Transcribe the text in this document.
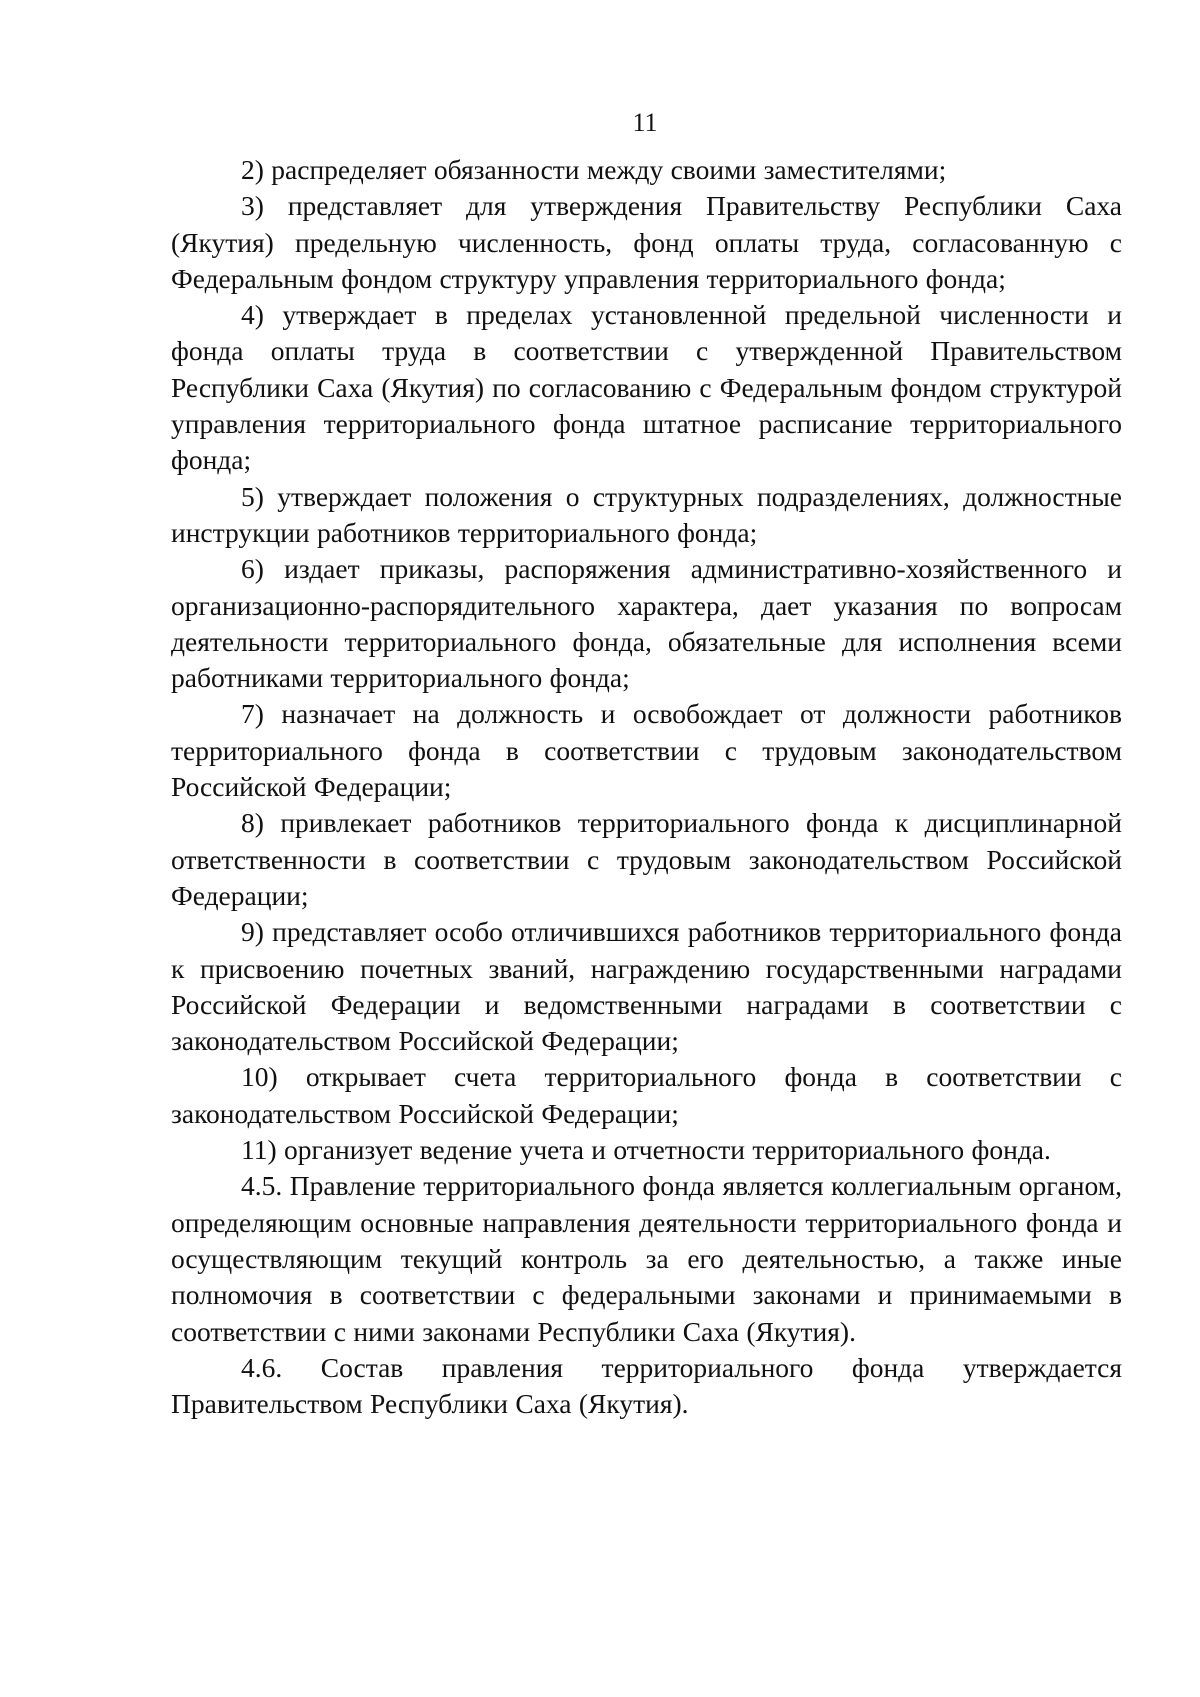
11

2) распределяет обязанности между своими заместителями;

3) представляет для утверждения Правительству Республики Саха (Якутия) предельную численность, фонд оплаты труда, согласованную с Федеральным фондом структуру управления территориального фонда;

4) утверждает в пределах установленной предельной численности и фонда оплаты труда в соответствии с утвержденной Правительством Республики Саха (Якутия) по согласованию с Федеральным фондом структурой управления территориального фонда штатное расписание территориального фонда;

5) утверждает положения о структурных подразделениях, должностные инструкции работников территориального фонда;

6) издает приказы, распоряжения административно-хозяйственного и организационно-распорядительного характера, дает указания по вопросам деятельности территориального фонда, обязательные для исполнения всеми работниками территориального фонда;

7) назначает на должность и освобождает от должности работников территориального фонда в соответствии с трудовым законодательством Российской Федерации;

8) привлекает работников территориального фонда к дисциплинарной ответственности в соответствии с трудовым законодательством Российской Федерации;

9) представляет особо отличившихся работников территориального фонда к присвоению почетных званий, награждению государственными наградами Российской Федерации и ведомственными наградами в соответствии с законодательством Российской Федерации;

10) открывает счета территориального фонда в соответствии с законодательством Российской Федерации;

11) организует ведение учета и отчетности территориального фонда.

4.5. Правление территориального фонда является коллегиальным органом, определяющим основные направления деятельности территориального фонда и осуществляющим текущий контроль за его деятельностью, а также иные полномочия в соответствии с федеральными законами и принимаемыми в соответствии с ними законами Республики Саха (Якутия).

4.6. Состав правления территориального фонда утверждается Правительством Республики Саха (Якутия).
